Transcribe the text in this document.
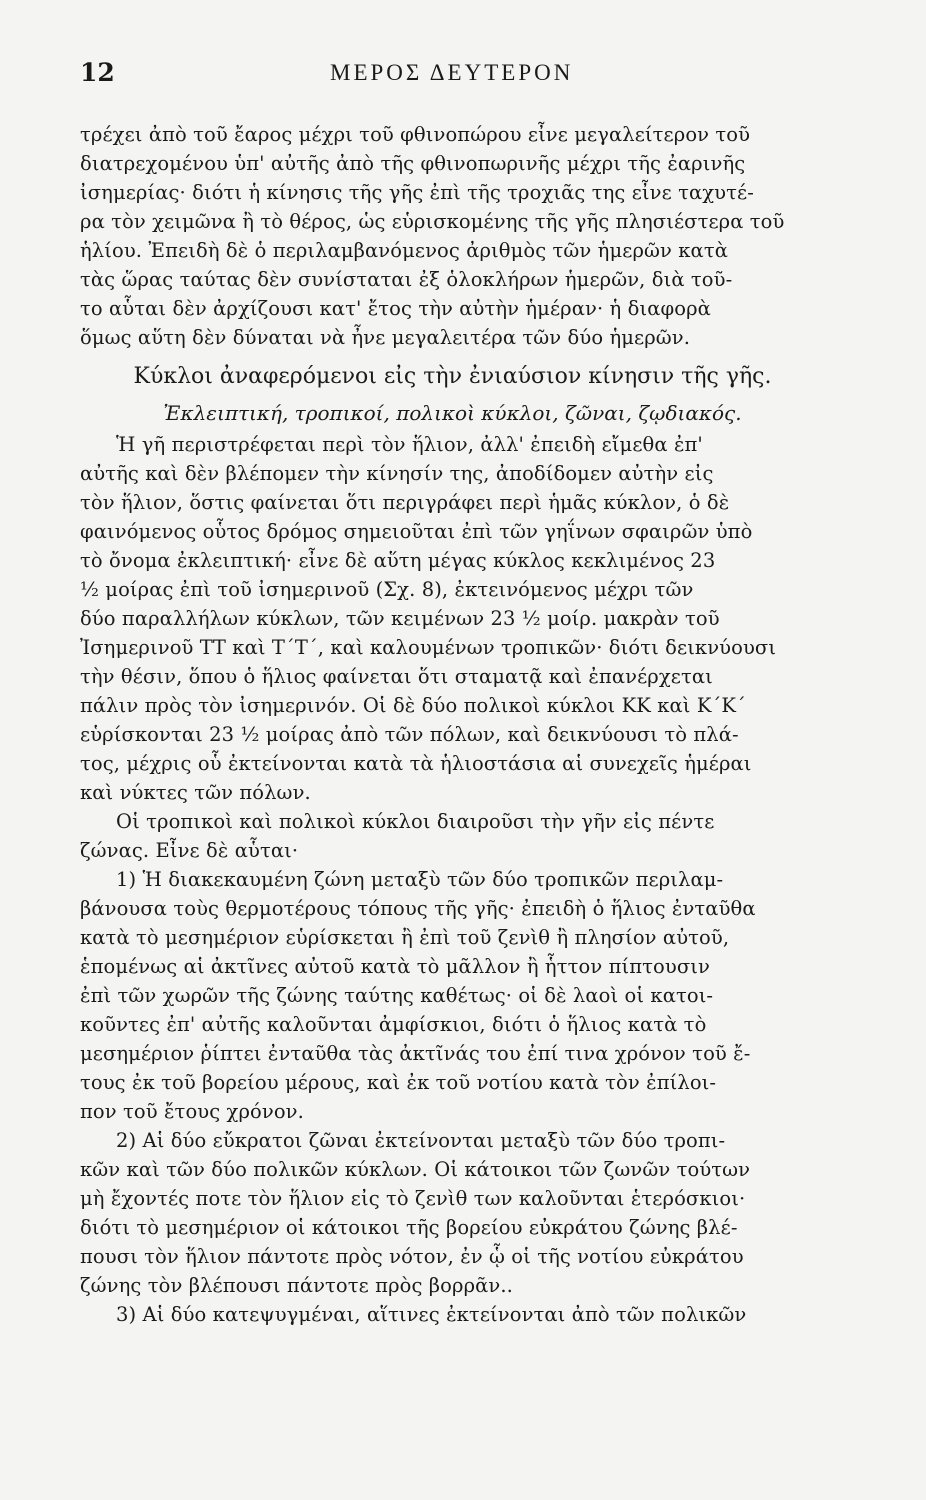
12	ΜΕΡΟΣ ΔΕΥΤΕΡΟΝ
τρέχει ἀπὸ τοῦ ἔαρος μέχρι τοῦ φθινοπώρου εἶνε μεγαλείτερον τοῦ
διατρεχομένου ὑπ' αὐτῆς ἀπὸ τῆς φθινοπωρινῆς μέχρι τῆς ἐαρινῆς
ἰσημερίας· διότι ἡ κίνησις τῆς γῆς ἐπὶ τῆς τροχιᾶς της εἶνε ταχυτέ-
ρα τὸν χειμῶνα ἢ τὸ θέρος, ὡς εὑρισκομένης τῆς γῆς πλησιέστερα τοῦ
ἡλίου. Ἐπειδὴ δὲ ὁ περιλαμβανόμενος ἀριθμὸς τῶν ἡμερῶν κατὰ
τὰς ὥρας ταύτας δὲν συνίσταται ἐξ ὁλοκλήρων ἡμερῶν, διὰ τοῦ-
το αὗται δὲν ἀρχίζουσι κατ' ἔτος τὴν αὐτὴν ἡμέραν· ἡ διαφορὰ
ὅμως αὕτη δὲν δύναται νὰ ἦνε μεγαλειτέρα τῶν δύο ἡμερῶν.
Κύκλοι ἀναφερόμενοι εἰς τὴν ἐνιαύσιον κίνησιν τῆς γῆς.
Ἐκλειπτική, τροπικοί, πολικοὶ κύκλοι, ζῶναι, ζῳδιακός.
Ἡ γῆ περιστρέφεται περὶ τὸν ἥλιον, ἀλλ' ἐπειδὴ εἴμεθα ἐπ'
αὐτῆς καὶ δὲν βλέπομεν τὴν κίνησίν της, ἀποδίδομεν αὐτὴν εἰς
τὸν ἥλιον, ὅστις φαίνεται ὅτι περιγράφει περὶ ἡμᾶς κύκλον, ὁ δὲ
φαινόμενος οὗτος δρόμος σημειοῦται ἐπὶ τῶν γηΐνων σφαιρῶν ὑπὸ
τὸ ὄνομα ἐκλειπτική· εἶνε δὲ αὕτη μέγας κύκλος κεκλιμένος 23
½ μοίρας ἐπὶ τοῦ ἰσημερινοῦ (Σχ. 8), ἐκτεινόμενος μέχρι τῶν
δύο παραλλήλων κύκλων, τῶν κειμένων 23 ½ μοίρ. μακρὰν τοῦ
Ἰσημερινοῦ ΤΤ καὶ Τ΄Τ΄, καὶ καλουμένων τροπικῶν· διότι δεικνύουσι
τὴν θέσιν, ὅπου ὁ ἥλιος φαίνεται ὅτι σταματᾷ καὶ ἐπανέρχεται
πάλιν πρὸς τὸν ἰσημερινόν. Οἱ δὲ δύο πολικοὶ κύκλοι ΚΚ καὶ Κ΄Κ΄
εὑρίσκονται 23 ½ μοίρας ἀπὸ τῶν πόλων, καὶ δεικνύουσι τὸ πλά-
τος, μέχρις οὗ ἐκτείνονται κατὰ τὰ ἡλιοστάσια αἱ συνεχεῖς ἡμέραι
καὶ νύκτες τῶν πόλων.
Οἱ τροπικοὶ καὶ πολικοὶ κύκλοι διαιροῦσι τὴν γῆν εἰς πέντε
ζώνας. Εἶνε δὲ αὗται·
1) Ἡ διακεκαυμένη ζώνη μεταξὺ τῶν δύο τροπικῶν περιλαμ-
βάνουσα τοὺς θερμοτέρους τόπους τῆς γῆς· ἐπειδὴ ὁ ἥλιος ἐνταῦθα
κατὰ τὸ μεσημέριον εὑρίσκεται ἢ ἐπὶ τοῦ ζενὶθ ἢ πλησίον αὐτοῦ,
ἑπομένως αἱ ἀκτῖνες αὐτοῦ κατὰ τὸ μᾶλλον ἢ ἧττον πίπτουσιν
ἐπὶ τῶν χωρῶν τῆς ζώνης ταύτης καθέτως· οἱ δὲ λαοὶ οἱ κατοι-
κοῦντες ἐπ' αὐτῆς καλοῦνται ἀμφίσκιοι, διότι ὁ ἥλιος κατὰ τὸ
μεσημέριον ῥίπτει ἐνταῦθα τὰς ἀκτῖνάς του ἐπί τινα χρόνον τοῦ ἔ-
τους ἐκ τοῦ βορείου μέρους, καὶ ἐκ τοῦ νοτίου κατὰ τὸν ἐπίλοι-
πον τοῦ ἔτους χρόνον.
2) Αἱ δύο εὔκρατοι ζῶναι ἐκτείνονται μεταξὺ τῶν δύο τροπι-
κῶν καὶ τῶν δύο πολικῶν κύκλων. Οἱ κάτοικοι τῶν ζωνῶν τούτων
μὴ ἔχοντές ποτε τὸν ἥλιον εἰς τὸ ζενὶθ των καλοῦνται ἑτερόσκιοι·
διότι τὸ μεσημέριον οἱ κάτοικοι τῆς βορείου εὐκράτου ζώνης βλέ-
πουσι τὸν ἥλιον πάντοτε πρὸς νότον, ἐν ᾧ οἱ τῆς νοτίου εὐκράτου
ζώνης τὸν βλέπουσι πάντοτε πρὸς βορρᾶν..
3) Αἱ δύο κατεψυγμέναι, αἵτινες ἐκτείνονται ἀπὸ τῶν πολικῶν
